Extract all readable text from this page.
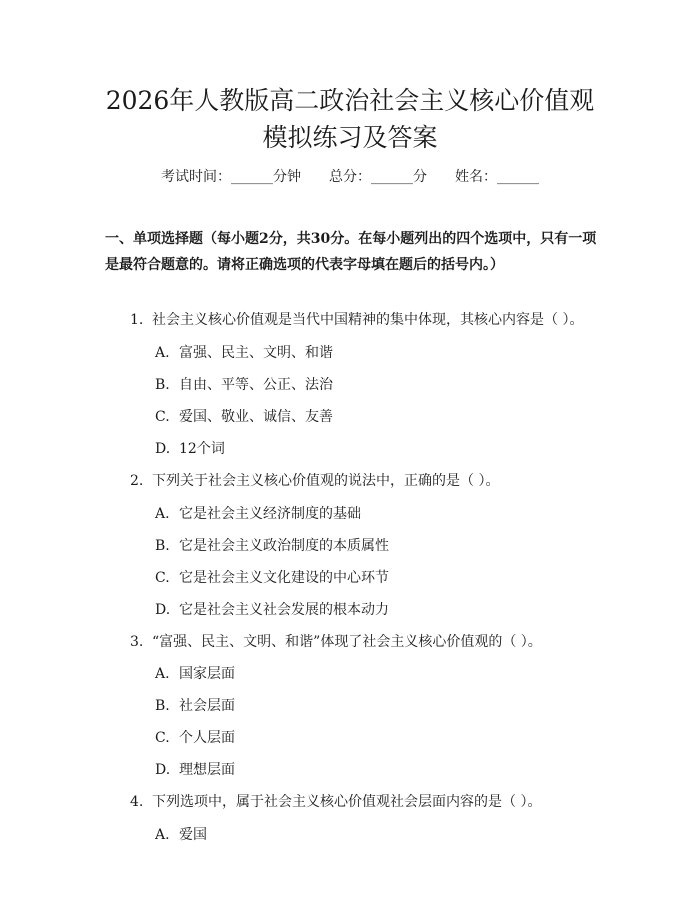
2026年人教版高二政治社会主义核心价值观
模拟练习及答案
考试时间：______分钟 总分：______分 姓名：______
一、单项选择题（每小题2分，共30分。在每小题列出的四个选项中，只有一项是最符合题意的。请将正确选项的代表字母填在题后的括号内。）
1. 社会主义核心价值观是当代中国精神的集中体现，其核心内容是（ ）。
A. 富强、民主、文明、和谐
B. 自由、平等、公正、法治
C. 爱国、敬业、诚信、友善
D. 12个词
2. 下列关于社会主义核心价值观的说法中，正确的是（ ）。
A. 它是社会主义经济制度的基础
B. 它是社会主义政治制度的本质属性
C. 它是社会主义文化建设的中心环节
D. 它是社会主义社会发展的根本动力
3. “富强、民主、文明、和谐”体现了社会主义核心价值观的（ ）。
A. 国家层面
B. 社会层面
C. 个人层面
D. 理想层面
4. 下列选项中，属于社会主义核心价值观社会层面内容的是（ ）。
A. 爱国
